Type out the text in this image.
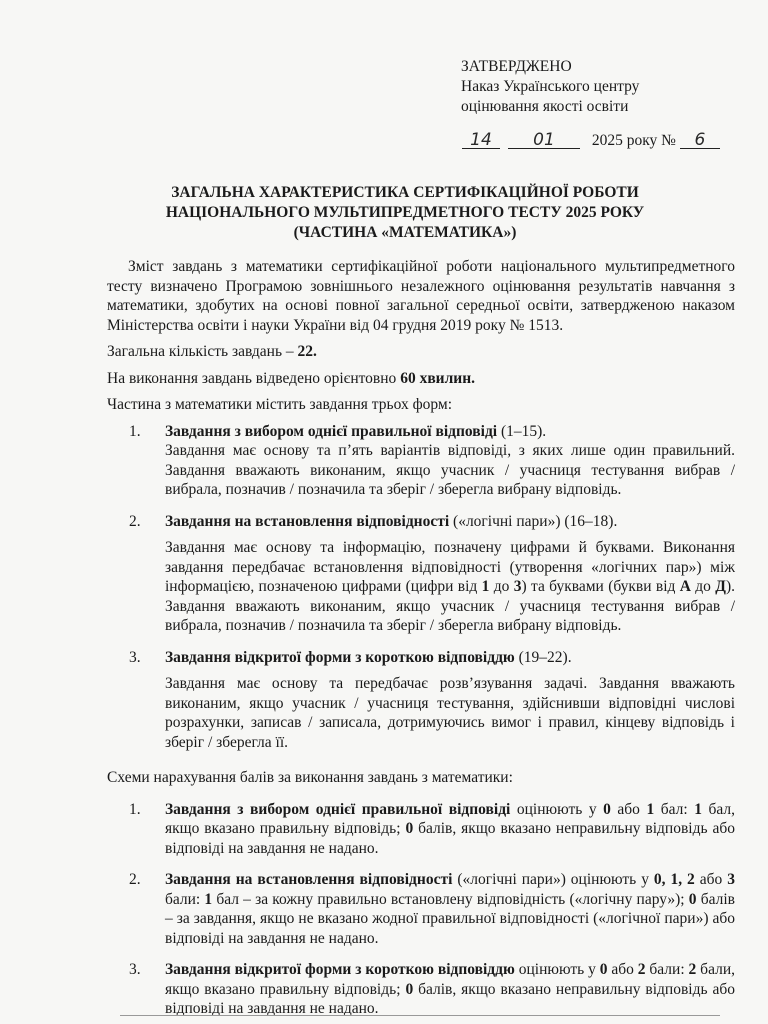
ЗАТВЕРДЖЕНО
Наказ Українського центру
оцінювання якості освіти
14 01 2025 року № 6
ЗАГАЛЬНА ХАРАКТЕРИСТИКА СЕРТИФІКАЦІЙНОЇ РОБОТИ
НАЦІОНАЛЬНОГО МУЛЬТИПРЕДМЕТНОГО ТЕСТУ 2025 РОКУ
(ЧАСТИНА «МАТЕМАТИКА»)

Зміст завдань з математики сертифікаційної роботи національного мультипредметного тесту визначено Програмою зовнішнього незалежного оцінювання результатів навчання з математики, здобутих на основі повної загальної середньої освіти, затвердженою наказом Міністерства освіти і науки України від 04 грудня 2019 року № 1513.

Загальна кількість завдань – 22.

На виконання завдань відведено орієнтовно 60 хвилин.

Частина з математики містить завдання трьох форм:

1. Завдання з вибором однієї правильної відповіді (1–15).

Завдання має основу та п’ять варіантів відповіді, з яких лише один правильний. Завдання вважають виконаним, якщо учасник / учасниця тестування вибрав / вибрала, позначив / позначила та зберіг / зберегла вибрану відповідь.

2. Завдання на встановлення відповідності («логічні пари») (16–18).

Завдання має основу та інформацію, позначену цифрами й буквами. Виконання завдання передбачає встановлення відповідності (утворення «логічних пар») між інформацією, позначеною цифрами (цифри від 1 до 3) та буквами (букви від А до Д). Завдання вважають виконаним, якщо учасник / учасниця тестування вибрав / вибрала, позначив / позначила та зберіг / зберегла вибрану відповідь.

3. Завдання відкритої форми з короткою відповіддю (19–22).

Завдання має основу та передбачає розв’язування задачі. Завдання вважають виконаним, якщо учасник / учасниця тестування, здійснивши відповідні числові розрахунки, записав / записала, дотримуючись вимог і правил, кінцеву відповідь і зберіг / зберегла її.

Схеми нарахування балів за виконання завдань з математики:

1. Завдання з вибором однієї правильної відповіді оцінюють у 0 або 1 бал: 1 бал, якщо вказано правильну відповідь; 0 балів, якщо вказано неправильну відповідь або відповіді на завдання не надано.

2. Завдання на встановлення відповідності («логічні пари») оцінюють у 0, 1, 2 або 3 бали: 1 бал – за кожну правильно встановлену відповідність («логічну пару»); 0 балів – за завдання, якщо не вказано жодної правильної відповідності («логічної пари») або відповіді на завдання не надано.

3. Завдання відкритої форми з короткою відповіддю оцінюють у 0 або 2 бали: 2 бали, якщо вказано правильну відповідь; 0 балів, якщо вказано неправильну відповідь або відповіді на завдання не надано.
